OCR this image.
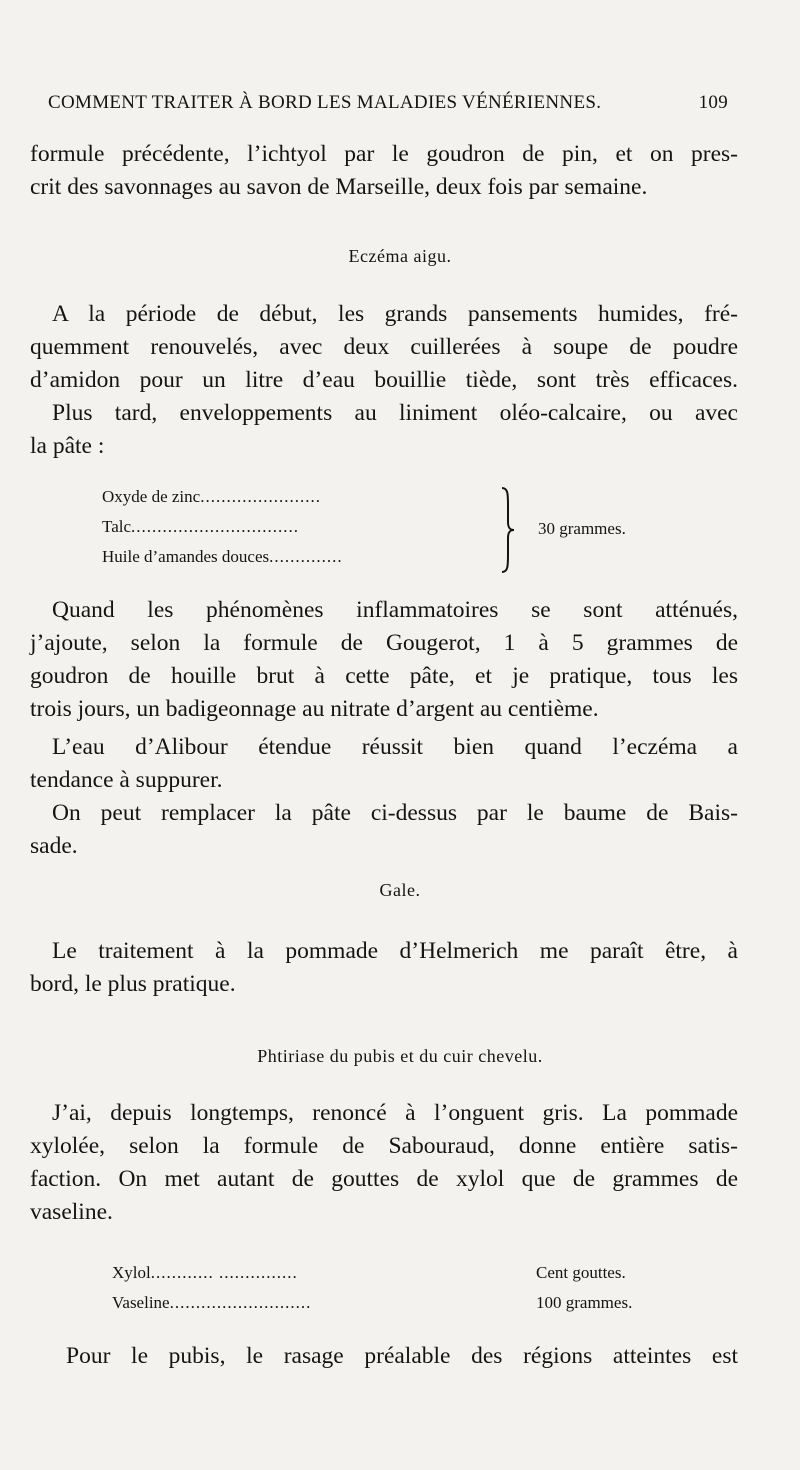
COMMENT TRAITER À BORD LES MALADIES VÉNÉRIENNES.	109

formule précédente, l’ichtyol par le goudron de pin, et on pres-

crit des savonnages au savon de Marseille, deux fois par semaine.

Eczéma aigu.

A la période de début, les grands pansements humides, fré-

quemment renouvelés, avec deux cuillerées à soupe de poudre

d’amidon pour un litre d’eau bouillie tiède, sont très efficaces.

Plus tard, enveloppements au liniment oléo-calcaire, ou avec

la pâte :

Oxyde de zinc.......................
Talc................................
Huile d’amandes douces..............
30 grammes.

Quand les phénomènes inflammatoires se sont atténués,

j’ajoute, selon la formule de Gougerot, 1 à 5 grammes de

goudron de houille brut à cette pâte, et je pratique, tous les

trois jours, un badigeonnage au nitrate d’argent au centième.

L’eau d’Alibour étendue réussit bien quand l’eczéma a

tendance à suppurer.

On peut remplacer la pâte ci-dessus par le baume de Bais-

sade.

Gale.

Le traitement à la pommade d’Helmerich me paraît être, à

bord, le plus pratique.

Phtiriase du pubis et du cuir chevelu.

J’ai, depuis longtemps, renoncé à l’onguent gris. La pommade

xylolée, selon la formule de Sabouraud, donne entière satis-

faction. On met autant de gouttes de xylol que de grammes de

vaseline.

Xylol............ ...............	Cent gouttes.
Vaseline...........................	100 grammes.

Pour le pubis, le rasage préalable des régions atteintes est
